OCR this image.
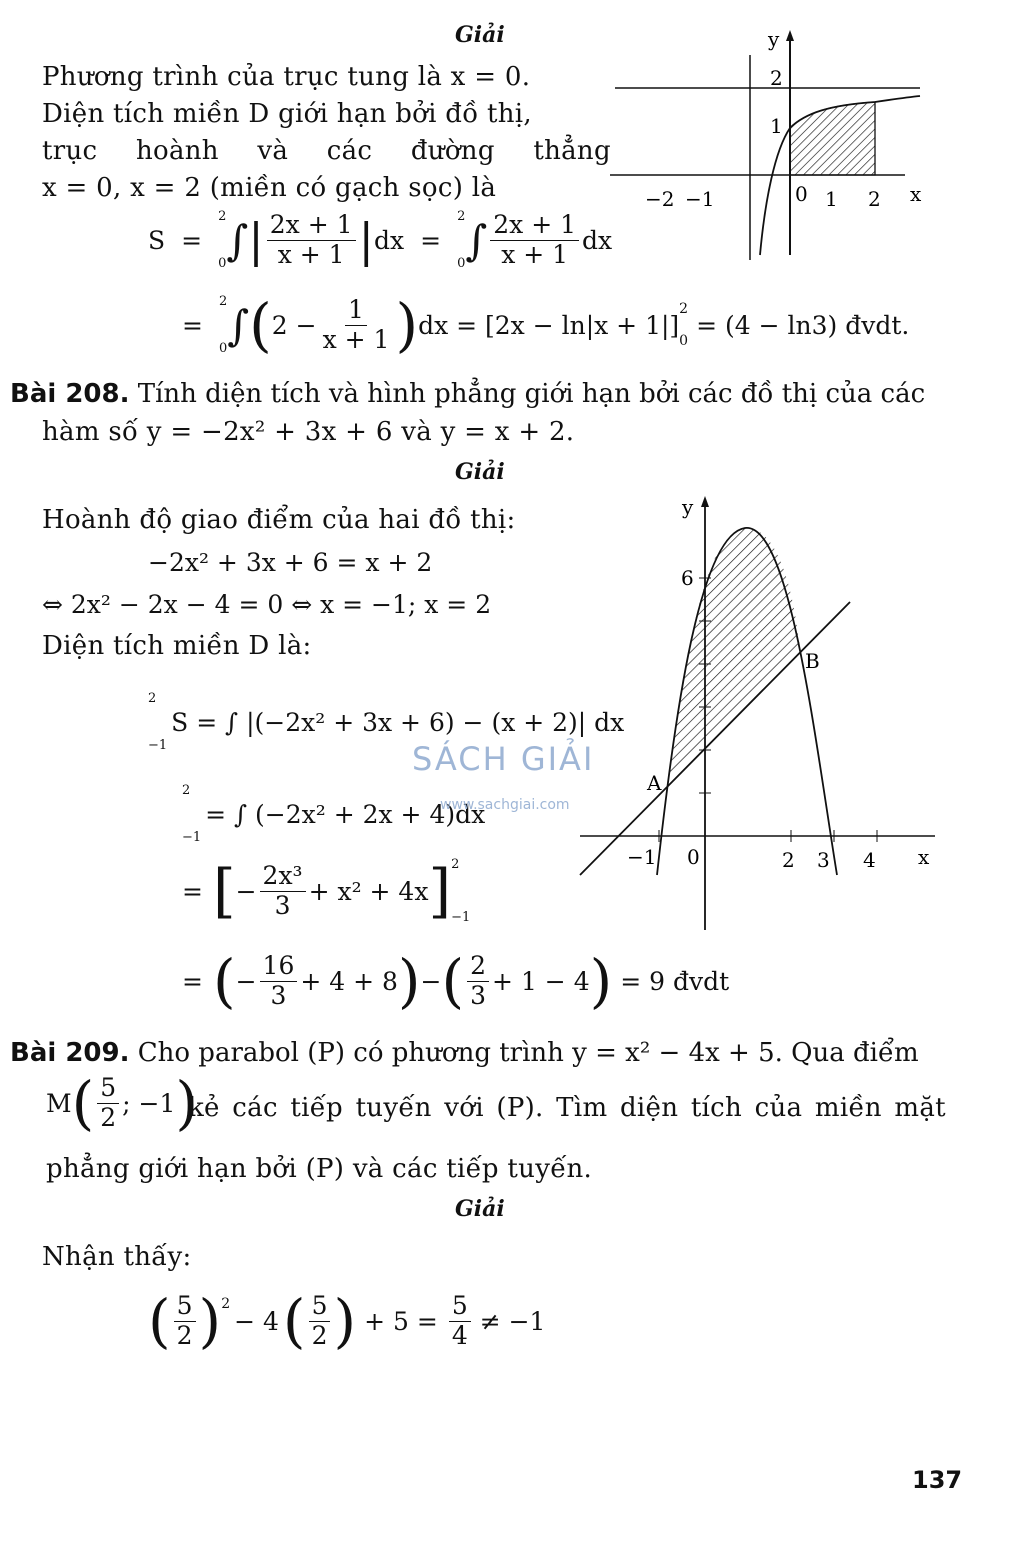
Giải
Phương trình của trục tung là x = 0.
Diện tích miền D giới hạn bởi đồ thị,
trục hoành và các đường thẳng
x = 0, x = 2 (miền có gạch sọc) là
S =
2
0 ∫ | $\frac{2x + 1}{x + 1}$ | dx =
2
0 ∫ $\frac{2x + 1}{x + 1}$ dx
=
2
0 ∫ ( $2 - \frac{1}{x + 1}$ ) dx = [2x − ln|x + 1|]
2
0
= (4 − ln3) đvdt.
y
2
1
−2 −1	0 1 2 x
Bài 208. Tính diện tích và hình phẳng giới hạn bởi các đồ thị của các
hàm số y = −2x² + 3x + 6 và y = x + 2.
Giải
Hoành độ giao điểm của hai đồ thị:
−2x² + 3x + 6 = x + 2
⇔ 2x² − 2x − 4 = 0 ⇔ x = −1; x = 2
Diện tích miền D là:
2
−1
S = ∫ |(−2x² + 3x + 6) − (x + 2)| dx
2
−1
= ∫ (−2x² + 2x + 4)dx
= [ − $\frac{\text{2x³}}{3} + x^2 + 4x$ ] 2
−1
= ( − $\frac{16}{3} + 4 + 8$ ) − ( $\frac{2}{3} + 1 - 4$ ) = 9 đvdt
SÁCH GIẢI
www.sachgiai.com
y
6
A
B
−1 0	2 3 4 x
Bài 209. Cho parabol (P) có phương trình y = x² − 4x + 5. Qua điểm
M ( $\frac{5}{2}$ ; −1 )
kẻ các tiếp tuyến với (P). Tìm diện tích của miền mặt
phẳng giới hạn bởi (P) và các tiếp tuyến.
Giải
Nhận thấy:
( $\frac{5}{2}$ ) 2
− 4 ( $\frac{5}{2}$ ) + $5 = \frac{5}{4} \ne -1$
137
